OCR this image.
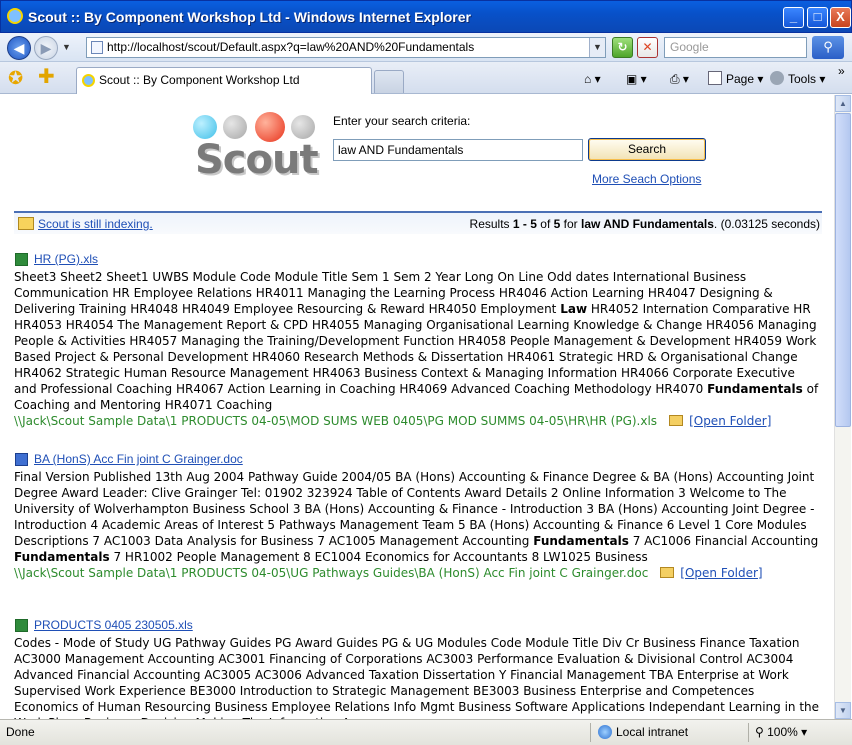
Scout :: By Component Workshop Ltd - Windows Internet Explorer	_	□	X
◀	▶	▼	http://localhost/scout/Default.aspx?q=law%20AND%20Fundamentals	▼	↻	✕	Google	⚲
✪ ✚	Scout :: By Component Workshop Ltd	⌂ ▾ ▣ ▾ ⎙ ▾	Page ▾	Tools ▾
»
Scout
Enter your search criteria:
law AND Fundamentals	Search
More Seach Options
Scout is still indexing.	Results 1 - 5 of 5 for law AND Fundamentals. (0.03125 seconds)
HR (PG).xls
Sheet3 Sheet2 Sheet1 UWBS Module Code Module Title Sem 1 Sem 2 Year Long On Line Odd dates International Business Communication HR Employee Relations HR4011 Managing the Learning Process HR4046 Action Learning HR4047 Designing & Delivering Training HR4048 HR4049 Employee Resourcing & Reward HR4050 Employment Law HR4052 Internation Comparative HR HR4053 HR4054 The Management Report & CPD HR4055 Managing Organisational Learning Knowledge & Change HR4056 Managing People & Activities HR4057 Managing the Training/Development Function HR4058 People Management & Development HR4059 Work Based Project & Personal Development HR4060 Research Methods & Dissertation HR4061 Strategic HRD & Organisational Change HR4062 Strategic Human Resource Management HR4063 Business Context & Managing Information HR4066 Corporate Executive and Professional Coaching HR4067 Action Learning in Coaching HR4069 Advanced Coaching Methodology HR4070 Fundamentals of Coaching and Mentoring HR4071 Coaching
\\Jack\Scout Sample Data\1 PRODUCTS 04-05\MOD SUMS WEB 0405\PG MOD SUMMS 04-05\HR\HR (PG).xls	[Open Folder]
BA (HonS) Acc Fin joint C Grainger.doc
Final Version Published 13th Aug 2004 Pathway Guide 2004/05 BA (Hons) Accounting & Finance Degree & BA (Hons) Accounting Joint Degree Award Leader: Clive Grainger Tel: 01902 323924 Table of Contents Award Details 2 Online Information 3 Welcome to The University of Wolverhampton Business School 3 BA (Hons) Accounting & Finance - Introduction 3 BA (Hons) Accounting Joint Degree - Introduction 4 Academic Areas of Interest 5 Pathways Management Team 5 BA (Hons) Accounting & Finance 6 Level 1 Core Modules Descriptions 7 AC1003 Data Analysis for Business 7 AC1005 Management Accounting Fundamentals 7 AC1006 Financial Accounting Fundamentals 7 HR1002 People Management 8 EC1004 Economics for Accountants 8 LW1025 Business
\\Jack\Scout Sample Data\1 PRODUCTS 04-05\UG Pathways Guides\BA (HonS) Acc Fin joint C Grainger.doc	[Open Folder]
PRODUCTS 0405 230505.xls
Codes - Mode of Study UG Pathway Guides PG Award Guides PG & UG Modules Code Module Title Div Cr Business Finance Taxation AC3000 Management Accounting AC3001 Financing of Corporations AC3003 Performance Evaluation & Divisional Control AC3004 Advanced Financial Accounting AC3005 AC3006 Advanced Taxation Dissertation Y Financial Management TBA Enterprise at Work Supervised Work Experience BE3000 Introduction to Strategic Management BE3003 Business Enterprise and Competences Economics of Human Resourcing Business Employee Relations Info Mgmt Business Software Applications Independant Learning in the
▲
▼
Done	Local intranet	⚲ 100% ▾
